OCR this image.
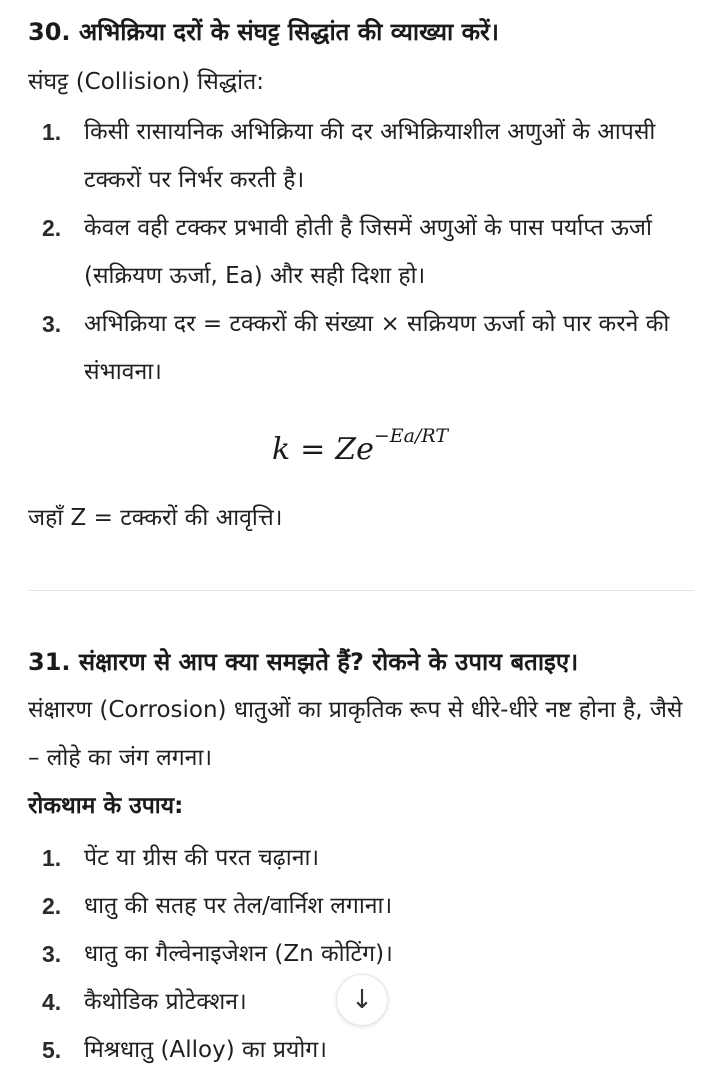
30. अभिक्रिया दरों के संघट्ट सिद्धांत की व्याख्या करें।
संघट्ट (Collision) सिद्धांत:
1. किसी रासायनिक अभिक्रिया की दर अभिक्रियाशील अणुओं के आपसी टक्करों पर निर्भर करती है।
2. केवल वही टक्कर प्रभावी होती है जिसमें अणुओं के पास पर्याप्त ऊर्जा (सक्रियण ऊर्जा, Ea) और सही दिशा हो।
3. अभिक्रिया दर = टक्करों की संख्या × सक्रियण ऊर्जा को पार करने की संभावना।
$k = Ze^{-Ea/RT}$
जहाँ Z = टक्करों की आवृत्ति।
31. संक्षारण से आप क्या समझते हैं? रोकने के उपाय बताइए।
संक्षारण (Corrosion) धातुओं का प्राकृतिक रूप से धीरे-धीरे नष्ट होना है, जैसे – लोहे का जंग लगना।
रोकथाम के उपाय:
1. पेंट या ग्रीस की परत चढ़ाना।
2. धातु की सतह पर तेल/वार्निश लगाना।
3. धातु का गैल्वेनाइजेशन (Zn कोटिंग)।
4. कैथोडिक प्रोटेक्शन।
5. मिश्रधातु (Alloy) का प्रयोग।
↓
